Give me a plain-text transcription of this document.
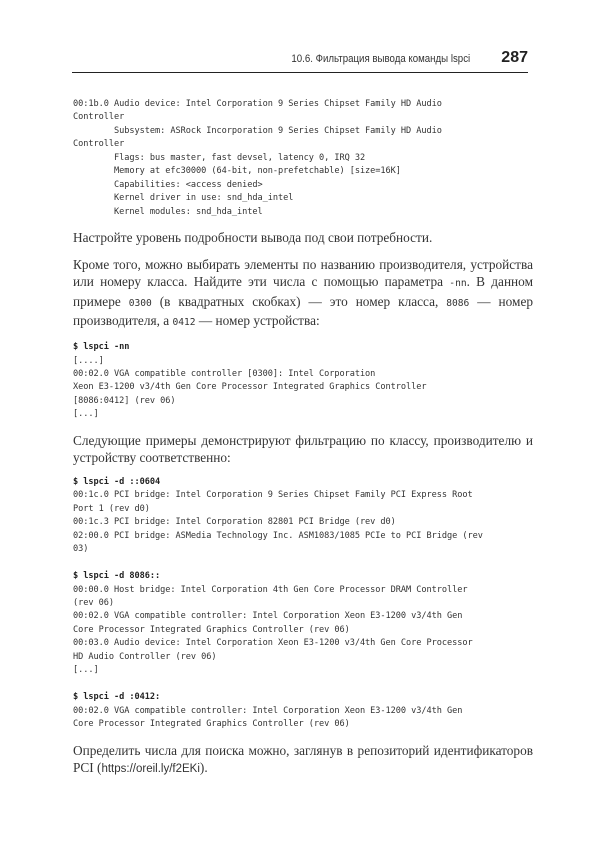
10.6. Фильтрация вывода команды lspci 287
00:1b.0 Audio device: Intel Corporation 9 Series Chipset Family HD Audio
Controller
Subsystem: ASRock Incorporation 9 Series Chipset Family HD Audio
Controller
Flags: bus master, fast devsel, latency 0, IRQ 32
Memory at efc30000 (64-bit, non-prefetchable) [size=16K]
Capabilities: <access denied>
Kernel driver in use: snd_hda_intel
Kernel modules: snd_hda_intel

Настройте уровень подробности вывода под свои потребности.

Кроме того, можно выбирать элементы по названию производителя, устройства или номеру класса. Найдите эти числа с помощью параметра -nn. В данном примере 0300 (в квадратных скобках) — это номер класса, 8086 — номер производителя, а 0412 — номер устройства:

$ lspci -nn
[....]
00:02.0 VGA compatible controller [0300]: Intel Corporation
Xeon E3-1200 v3/4th Gen Core Processor Integrated Graphics Controller
[8086:0412] (rev 06)
[...]

Следующие примеры демонстрируют фильтрацию по классу, производителю и устройству соответственно:

$ lspci -d ::0604
00:1c.0 PCI bridge: Intel Corporation 9 Series Chipset Family PCI Express Root
Port 1 (rev d0)
00:1c.3 PCI bridge: Intel Corporation 82801 PCI Bridge (rev d0)
02:00.0 PCI bridge: ASMedia Technology Inc. ASM1083/1085 PCIe to PCI Bridge (rev
03)
$ lspci -d 8086::
00:00.0 Host bridge: Intel Corporation 4th Gen Core Processor DRAM Controller
(rev 06)
00:02.0 VGA compatible controller: Intel Corporation Xeon E3-1200 v3/4th Gen
Core Processor Integrated Graphics Controller (rev 06)
00:03.0 Audio device: Intel Corporation Xeon E3-1200 v3/4th Gen Core Processor
HD Audio Controller (rev 06)
[...]
$ lspci -d :0412:
00:02.0 VGA compatible controller: Intel Corporation Xeon E3-1200 v3/4th Gen
Core Processor Integrated Graphics Controller (rev 06)

Определить числа для поиска можно, заглянув в репозиторий идентификаторов PCI (https://oreil.ly/f2EKi).
